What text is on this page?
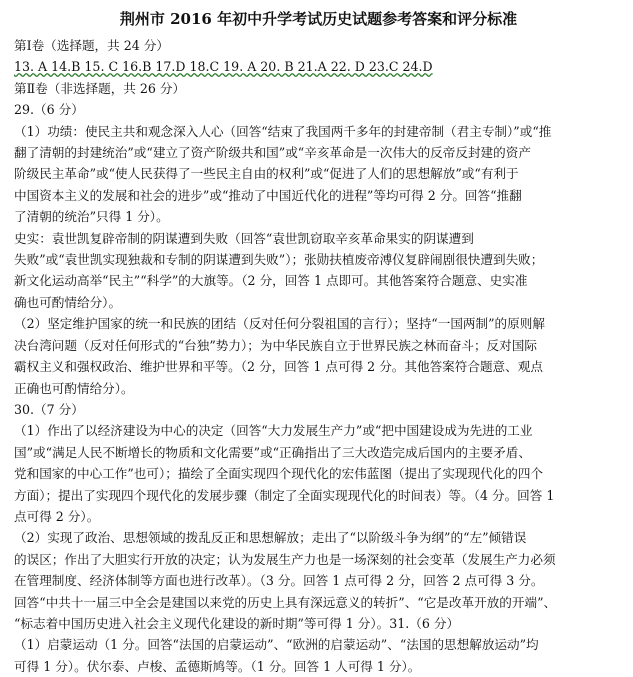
荆州市 2016 年初中升学考试历史试题参考答案和评分标准
第Ⅰ卷（选择题，共 24 分）
13. A 14.B 15. C 16.B 17.D 18.C 19. A 20. B 21.A 22. D 23.C 24.D
第Ⅱ卷（非选择题，共 26 分）
29.（6 分）
（1）功绩：使民主共和观念深入人心（回答“结束了我国两千多年的封建帝制（君主专制）”或“推
翻了清朝的封建统治”或“建立了资产阶级共和国”或“辛亥革命是一次伟大的反帝反封建的资产
阶级民主革命”或“使人民获得了一些民主自由的权利”或“促进了人们的思想解放”或“有利于
中国资本主义的发展和社会的进步”或“推动了中国近代化的进程”等均可得 2 分。回答“推翻
了清朝的统治”只得 1 分）。
史实：袁世凯复辟帝制的阴谋遭到失败（回答“袁世凯窃取辛亥革命果实的阴谋遭到
失败”或“袁世凯实现独裁和专制的阴谋遭到失败”）；张勋扶植废帝溥仪复辟闹剧很快遭到失败；
新文化运动高举“民主”“科学”的大旗等。（2 分，回答 1 点即可。其他答案符合题意、史实准
确也可酌情给分）。
（2）坚定维护国家的统一和民族的团结（反对任何分裂祖国的言行）；坚持“一国两制”的原则解
决台湾问题（反对任何形式的“台独”势力）；为中华民族自立于世界民族之林而奋斗；反对国际
霸权主义和强权政治、维护世界和平等。（2 分，回答 1 点可得 2 分。其他答案符合题意、观点
正确也可酌情给分）。
30.（7 分）
（1）作出了以经济建设为中心的决定（回答“大力发展生产力”或“把中国建设成为先进的工业
国”或“满足人民不断增长的物质和文化需要”或“正确指出了三大改造完成后国内的主要矛盾、
党和国家的中心工作”也可）；描绘了全面实现四个现代化的宏伟蓝图（提出了实现现代化的四个
方面）；提出了实现四个现代化的发展步骤（制定了全面实现现代化的时间表）等。（4 分。回答 1
点可得 2 分）。
（2）实现了政治、思想领域的拨乱反正和思想解放；走出了“以阶级斗争为纲”的“左”倾错误
的误区；作出了大胆实行开放的决定；认为发展生产力也是一场深刻的社会变革（发展生产力必须
在管理制度、经济体制等方面也进行改革）。（3 分。回答 1 点可得 2 分，回答 2 点可得 3 分。
回答“中共十一届三中全会是建国以来党的历史上具有深远意义的转折”、“它是改革开放的开端”、
“标志着中国历史进入社会主义现代化建设的新时期”等可得 1 分）。31.（6 分）
（1）启蒙运动（1 分。回答“法国的启蒙运动”、“欧洲的启蒙运动”、“法国的思想解放运动”均
可得 1 分）。伏尔泰、卢梭、孟德斯鸠等。（1 分。回答 1 人可得 1 分）。
